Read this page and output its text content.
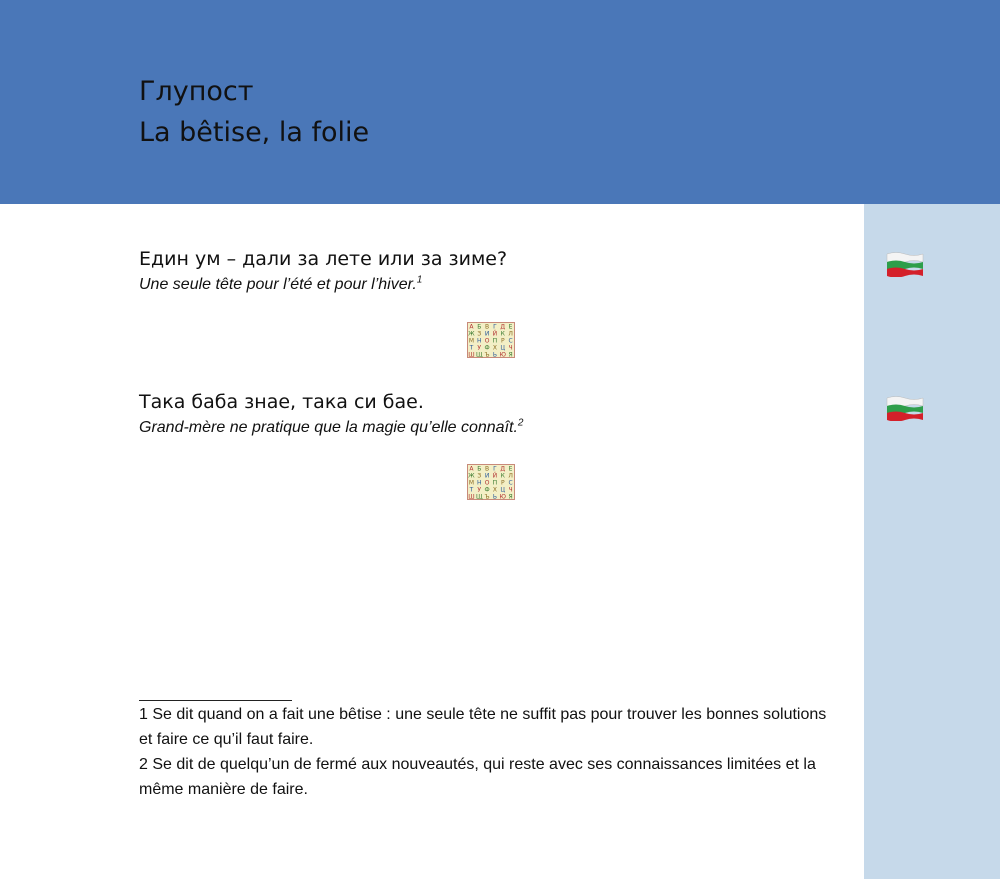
Глупост
La bêtise, la folie
Един ум – дали за лете или за зиме?
Une seule tête pour l’été et pour l’hiver.$^1$
А Б В Г Д Е
Ж З И Й К Л
М Н О П Р С
Т У Ф Х Ц Ч
Ш Щ Ъ Ь Ю Я
Така баба знае, така си бае.
Grand-mère ne pratique que la magie qu’elle connaît.$^2$
А Б В Г Д Е
Ж З И Й К Л
М Н О П Р С
Т У Ф Х Ц Ч
Ш Щ Ъ Ь Ю Я

1 Se dit quand on a fait une bêtise : une seule tête ne suffit pas pour trouver les bonnes solutions et faire ce qu’il faut faire.

2 Se dit de quelqu’un de fermé aux nouveautés, qui reste avec ses connaissances limitées et la même manière de faire.
